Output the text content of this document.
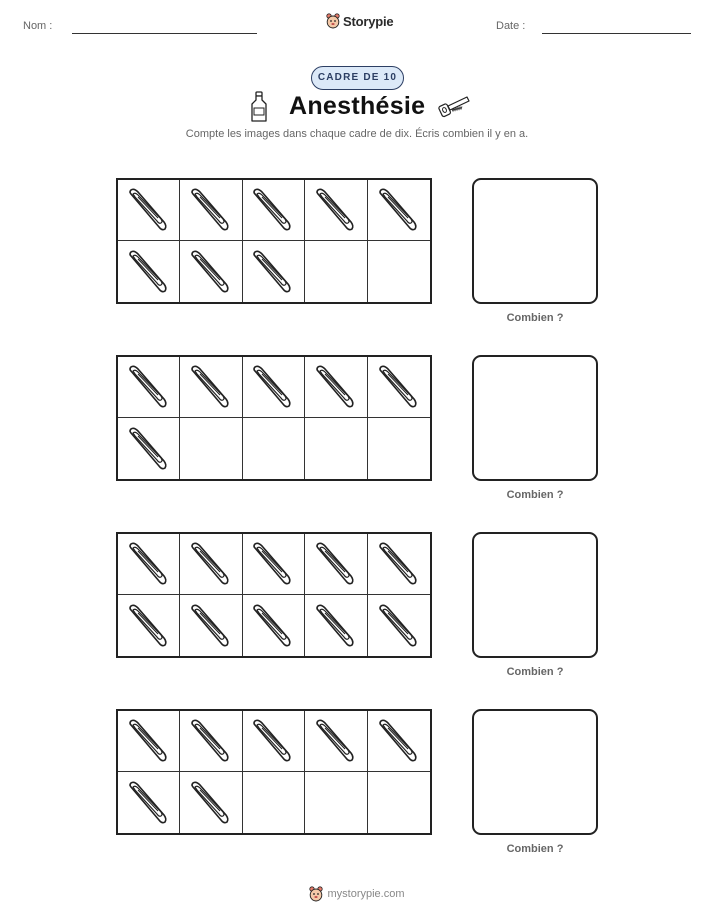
Nom :	Storypie	Date :
CADRE DE 10
Anesthésie

Compte les images dans chaque cadre de dix. Écris combien il y en a.

Combien ?
Combien ?
Combien ?
Combien ?
mystorypie.com
